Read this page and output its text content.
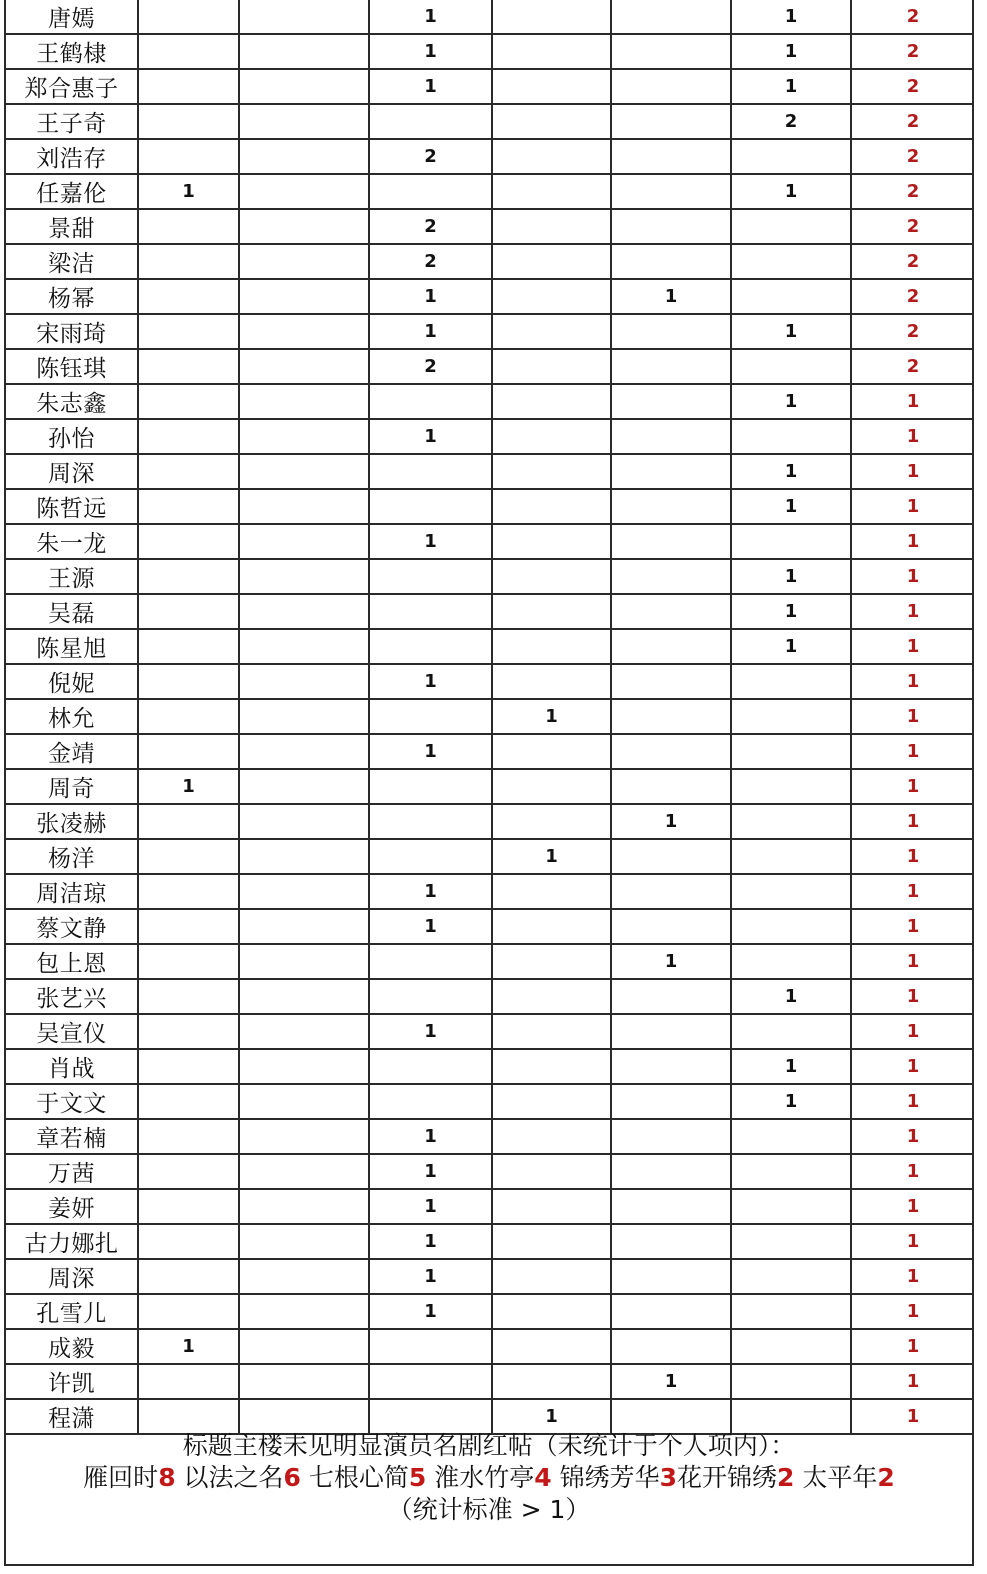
唐嫣			1			1	2
王鹤棣			1			1	2
郑合惠子			1			1	2
王子奇						2	2
刘浩存			2				2
任嘉伦	1					1	2
景甜			2				2
梁洁			2				2
杨幂			1		1		2
宋雨琦			1			1	2
陈钰琪			2				2
朱志鑫						1	1
孙怡			1				1
周深						1	1
陈哲远						1	1
朱一龙			1				1
王源						1	1
吴磊						1	1
陈星旭						1	1
倪妮			1				1
林允				1			1
金靖			1				1
周奇	1						1
张凌赫					1		1
杨洋				1			1
周洁琼			1				1
蔡文静			1				1
包上恩					1		1
张艺兴						1	1
吴宣仪			1				1
肖战						1	1
于文文						1	1
章若楠			1				1
万茜			1				1
姜妍			1				1
古力娜扎			1				1
周深			1				1
孔雪儿			1				1
成毅	1						1
许凯					1		1
程潇				1			1
标题主楼未见明显演员名剧红帖（未统计于个人项内）：
雁回时8 以法之名6 七根心简5 淮水竹亭4 锦绣芳华3花开锦绣2 太平年2
（统计标准 > 1）
